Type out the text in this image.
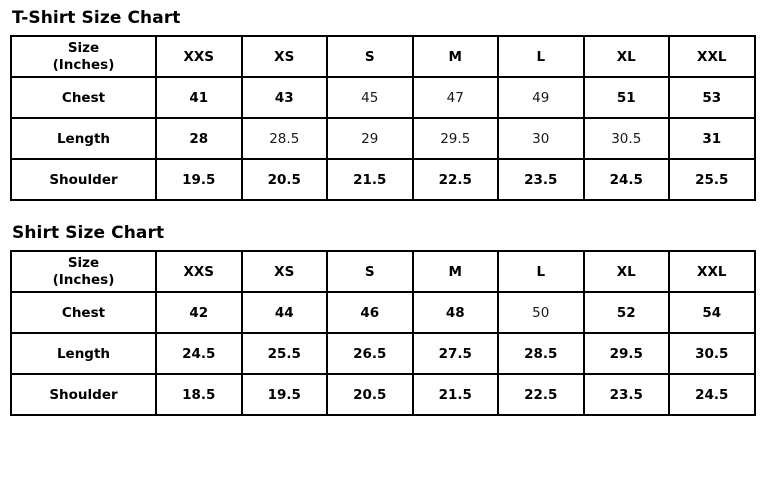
T-Shirt Size Chart
Size
(Inches)	XXS	XS	S	M	L	XL	XXL
Chest	41	43	45	47	49	51	53
Length	28	28.5	29	29.5	30	30.5	31
Shoulder	19.5	20.5	21.5	22.5	23.5	24.5	25.5
Shirt Size Chart
Size
(Inches)	XXS	XS	S	M	L	XL	XXL
Chest	42	44	46	48	50	52	54
Length	24.5	25.5	26.5	27.5	28.5	29.5	30.5
Shoulder	18.5	19.5	20.5	21.5	22.5	23.5	24.5
